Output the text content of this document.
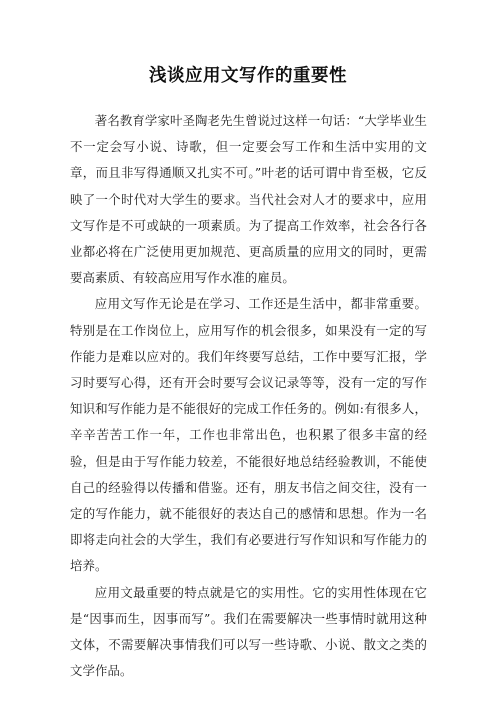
浅谈应用文写作的重要性

著名教育学家叶圣陶老先生曾说过这样一句话：“大学毕业生不一定会写小说、诗歌，但一定要会写工作和生活中实用的文章，而且非写得通顺又扎实不可。”叶老的话可谓中肯至极，它反映了一个时代对大学生的要求。当代社会对人才的要求中，应用文写作是不可或缺的一项素质。为了提高工作效率，社会各行各业都必将在广泛使用更加规范、更高质量的应用文的同时，更需要高素质、有较高应用写作水准的雇员。

应用文写作无论是在学习、工作还是生活中，都非常重要。特别是在工作岗位上，应用写作的机会很多，如果没有一定的写作能力是难以应对的。我们年终要写总结，工作中要写汇报，学习时要写心得，还有开会时要写会议记录等等，没有一定的写作知识和写作能力是不能很好的完成工作任务的。例如:有很多人，辛辛苦苦工作一年，工作也非常出色，也积累了很多丰富的经验，但是由于写作能力较差，不能很好地总结经验教训，不能使自己的经验得以传播和借鉴。还有，朋友书信之间交往，没有一定的写作能力，就不能很好的表达自己的感情和思想。作为一名即将走向社会的大学生，我们有必要进行写作知识和写作能力的培养。

应用文最重要的特点就是它的实用性。它的实用性体现在它是“因事而生，因事而写”。我们在需要解决一些事情时就用这种文体，不需要解决事情我们可以写一些诗歌、小说、散文之类的文学作品。
